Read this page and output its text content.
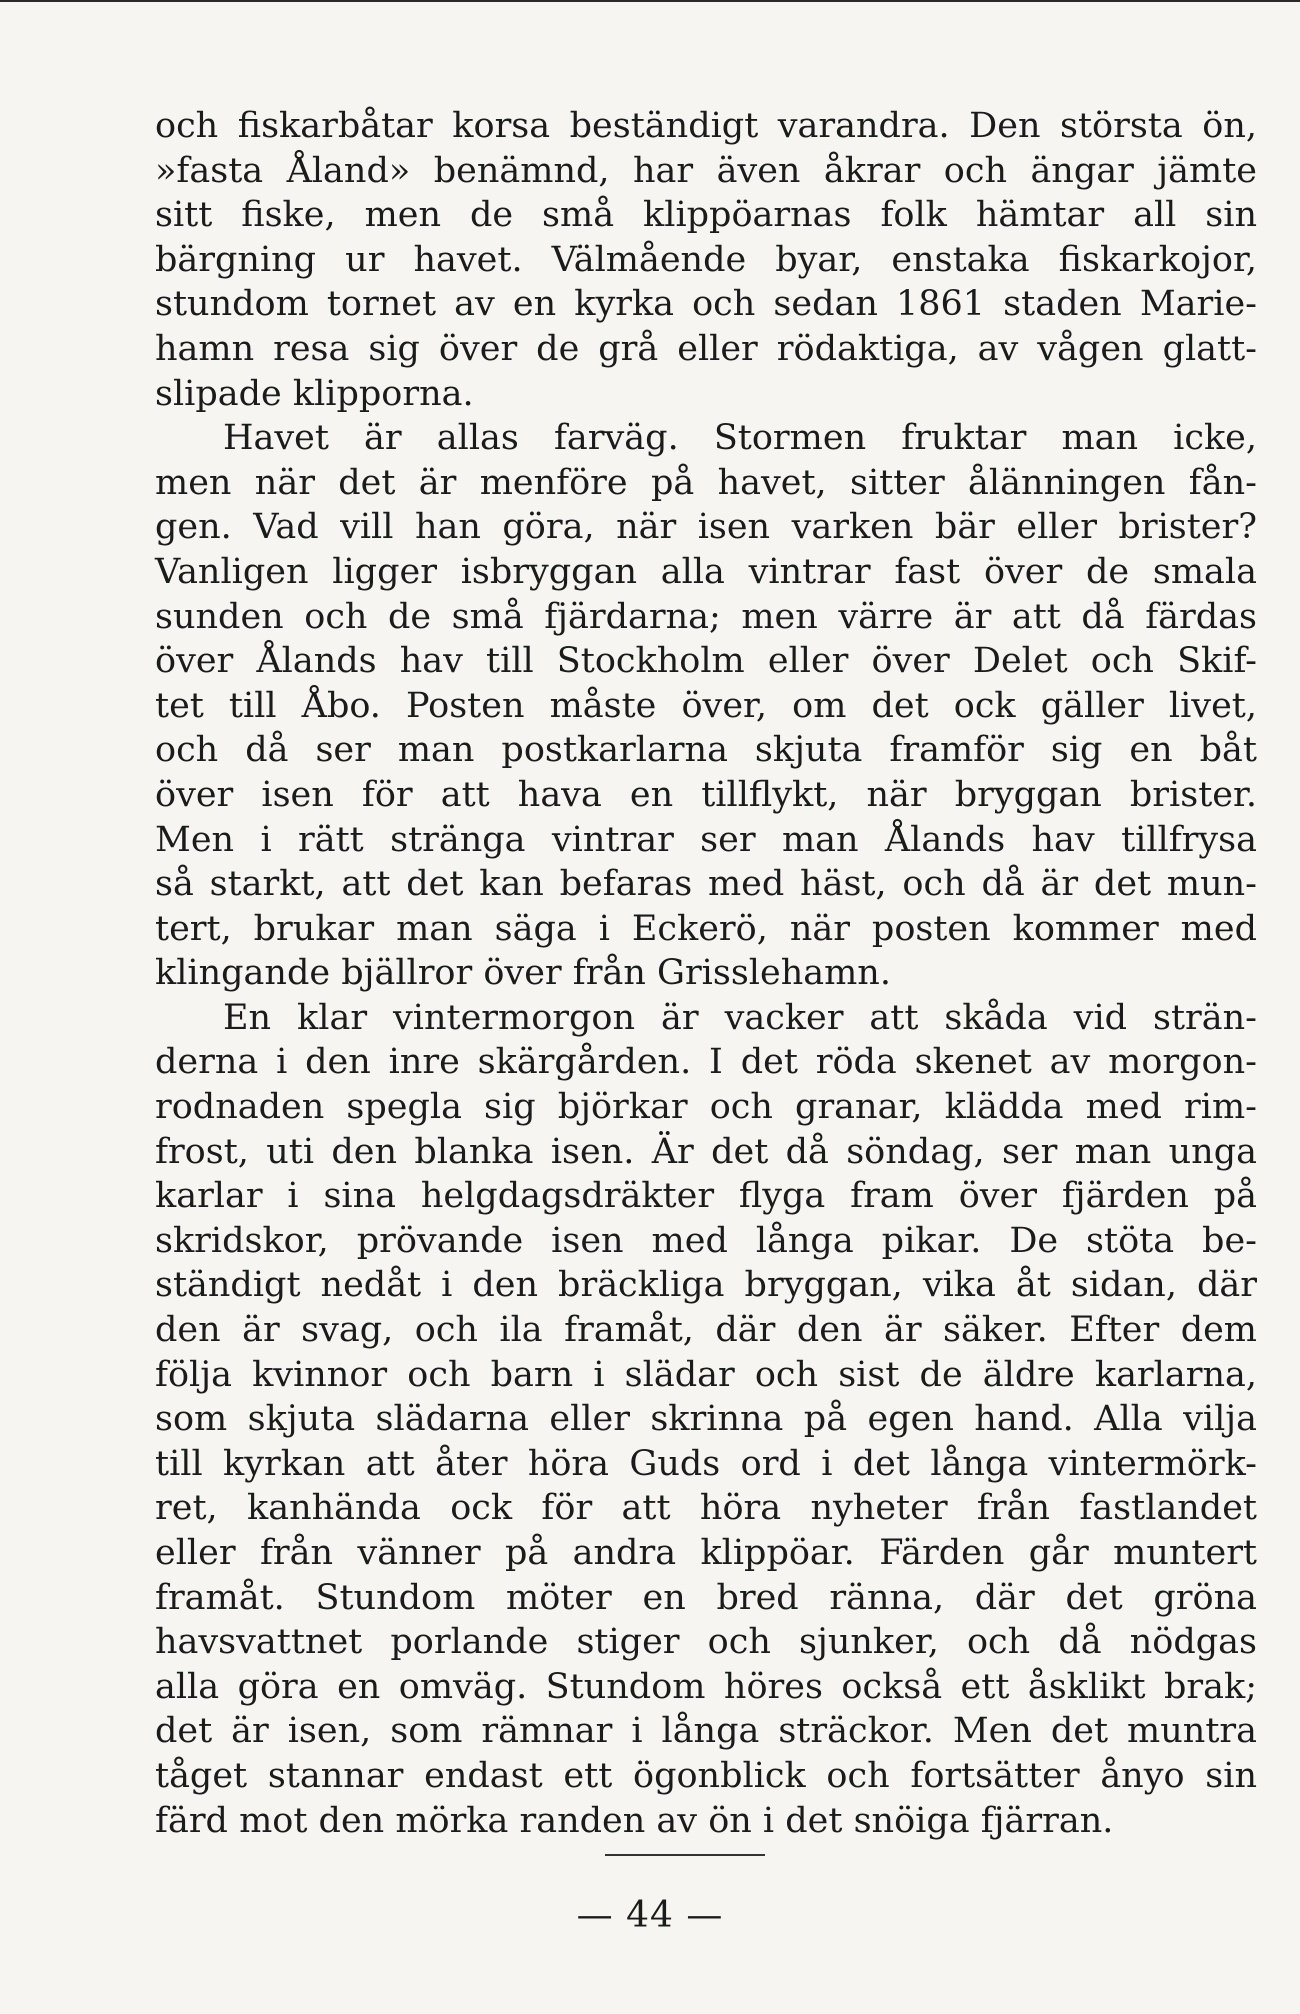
och fiskarbåtar korsa beständigt varandra. Den största ön,
»fasta Åland» benämnd, har även åkrar och ängar jämte
sitt fiske, men de små klippöarnas folk hämtar all sin
bärgning ur havet. Välmående byar, enstaka fiskarkojor,
stundom tornet av en kyrka och sedan 1861 staden Marie-
hamn resa sig över de grå eller rödaktiga, av vågen glatt-
slipade klipporna.
Havet är allas farväg. Stormen fruktar man icke,
men när det är menföre på havet, sitter ålänningen fån-
gen. Vad vill han göra, när isen varken bär eller brister?
Vanligen ligger isbryggan alla vintrar fast över de smala
sunden och de små fjärdarna; men värre är att då färdas
över Ålands hav till Stockholm eller över Delet och Skif-
tet till Åbo. Posten måste över, om det ock gäller livet,
och då ser man postkarlarna skjuta framför sig en båt
över isen för att hava en tillflykt, när bryggan brister.
Men i rätt stränga vintrar ser man Ålands hav tillfrysa
så starkt, att det kan befaras med häst, och då är det mun-
tert, brukar man säga i Eckerö, när posten kommer med
klingande bjällror över från Grisslehamn.
En klar vintermorgon är vacker att skåda vid strän-
derna i den inre skärgården. I det röda skenet av morgon-
rodnaden spegla sig björkar och granar, klädda med rim-
frost, uti den blanka isen. Är det då söndag, ser man unga
karlar i sina helgdagsdräkter flyga fram över fjärden på
skridskor, prövande isen med långa pikar. De stöta be-
ständigt nedåt i den bräckliga bryggan, vika åt sidan, där
den är svag, och ila framåt, där den är säker. Efter dem
följa kvinnor och barn i slädar och sist de äldre karlarna,
som skjuta slädarna eller skrinna på egen hand. Alla vilja
till kyrkan att åter höra Guds ord i det långa vintermörk-
ret, kanhända ock för att höra nyheter från fastlandet
eller från vänner på andra klippöar. Färden går muntert
framåt. Stundom möter en bred ränna, där det gröna
havsvattnet porlande stiger och sjunker, och då nödgas
alla göra en omväg. Stundom höres också ett åsklikt brak;
det är isen, som rämnar i långa sträckor. Men det muntra
tåget stannar endast ett ögonblick och fortsätter ånyo sin
färd mot den mörka randen av ön i det snöiga fjärran.
— 44 —
